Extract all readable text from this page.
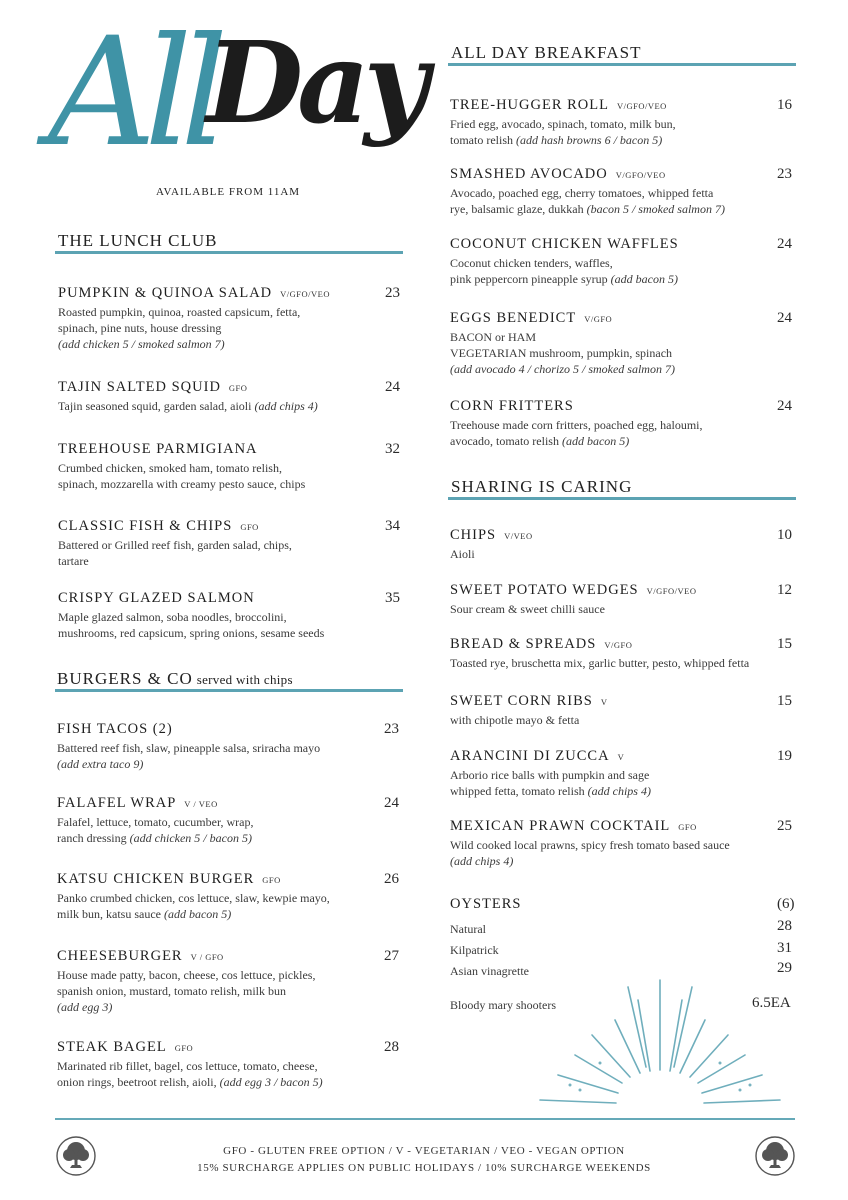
All
Day
AVAILABLE FROM 11AM
THE LUNCH CLUB
BURGERS & CO served with chips
ALL DAY BREAKFAST
SHARING IS CARING
PUMPKIN & QUINOA SALAD V/GFO/VEO	23
Roasted pumpkin, quinoa, roasted capsicum, fetta,
spinach, pine nuts, house dressing
(add chicken 5 / smoked salmon 7)
TAJIN SALTED SQUID GFO	24
Tajin seasoned squid, garden salad, aioli (add chips 4)
TREEHOUSE PARMIGIANA	32
Crumbed chicken, smoked ham, tomato relish,
spinach, mozzarella with creamy pesto sauce, chips
CLASSIC FISH & CHIPS GFO	34
Battered or Grilled reef fish, garden salad, chips,
tartare
CRISPY GLAZED SALMON	35
Maple glazed salmon, soba noodles, broccolini,
mushrooms, red capsicum, spring onions, sesame seeds
FISH TACOS (2)	23
Battered reef fish, slaw, pineapple salsa, sriracha mayo
(add extra taco 9)
FALAFEL WRAP V / VEO	24
Falafel, lettuce, tomato, cucumber, wrap,
ranch dressing (add chicken 5 / bacon 5)
KATSU CHICKEN BURGER GFO	26
Panko crumbed chicken, cos lettuce, slaw, kewpie mayo,
milk bun, katsu sauce (add bacon 5)
CHEESEBURGER V / GFO	27
House made patty, bacon, cheese, cos lettuce, pickles,
spanish onion, mustard, tomato relish, milk bun
(add egg 3)
STEAK BAGEL GFO	28
Marinated rib fillet, bagel, cos lettuce, tomato, cheese,
onion rings, beetroot relish, aioli, (add egg 3 / bacon 5)
TREE-HUGGER ROLL V/GFO/VEO	16
Fried egg, avocado, spinach, tomato, milk bun,
tomato relish (add hash browns 6 / bacon 5)
SMASHED AVOCADO V/GFO/VEO	23
Avocado, poached egg, cherry tomatoes, whipped fetta
rye, balsamic glaze, dukkah (bacon 5 / smoked salmon 7)
COCONUT CHICKEN WAFFLES	24
Coconut chicken tenders, waffles,
pink peppercorn pineapple syrup (add bacon 5)
EGGS BENEDICT V/GFO	24
BACON or HAM
VEGETARIAN mushroom, pumpkin, spinach
(add avocado 4 / chorizo 5 / smoked salmon 7)
CORN FRITTERS	24
Treehouse made corn fritters, poached egg, haloumi,
avocado, tomato relish (add bacon 5)
CHIPS V/VEO	10
Aioli
SWEET POTATO WEDGES V/GFO/VEO	12
Sour cream & sweet chilli sauce
BREAD & SPREADS V/GFO	15
Toasted rye, bruschetta mix, garlic butter, pesto, whipped fetta
SWEET CORN RIBS V	15
with chipotle mayo & fetta
ARANCINI DI ZUCCA V	19
Arborio rice balls with pumpkin and sage
whipped fetta, tomato relish (add chips 4)
MEXICAN PRAWN COCKTAIL GFO	25
Wild cooked local prawns, spicy fresh tomato based sauce
(add chips 4)
OYSTERS	(6)
Natural	28
Kilpatrick	31
Asian vinagrette	29
Bloody mary shooters	6.5EA
GFO - GLUTEN FREE OPTION / V - VEGETARIAN / VEO - VEGAN OPTION
15% SURCHARGE APPLIES ON PUBLIC HOLIDAYS / 10% SURCHARGE WEEKENDS
